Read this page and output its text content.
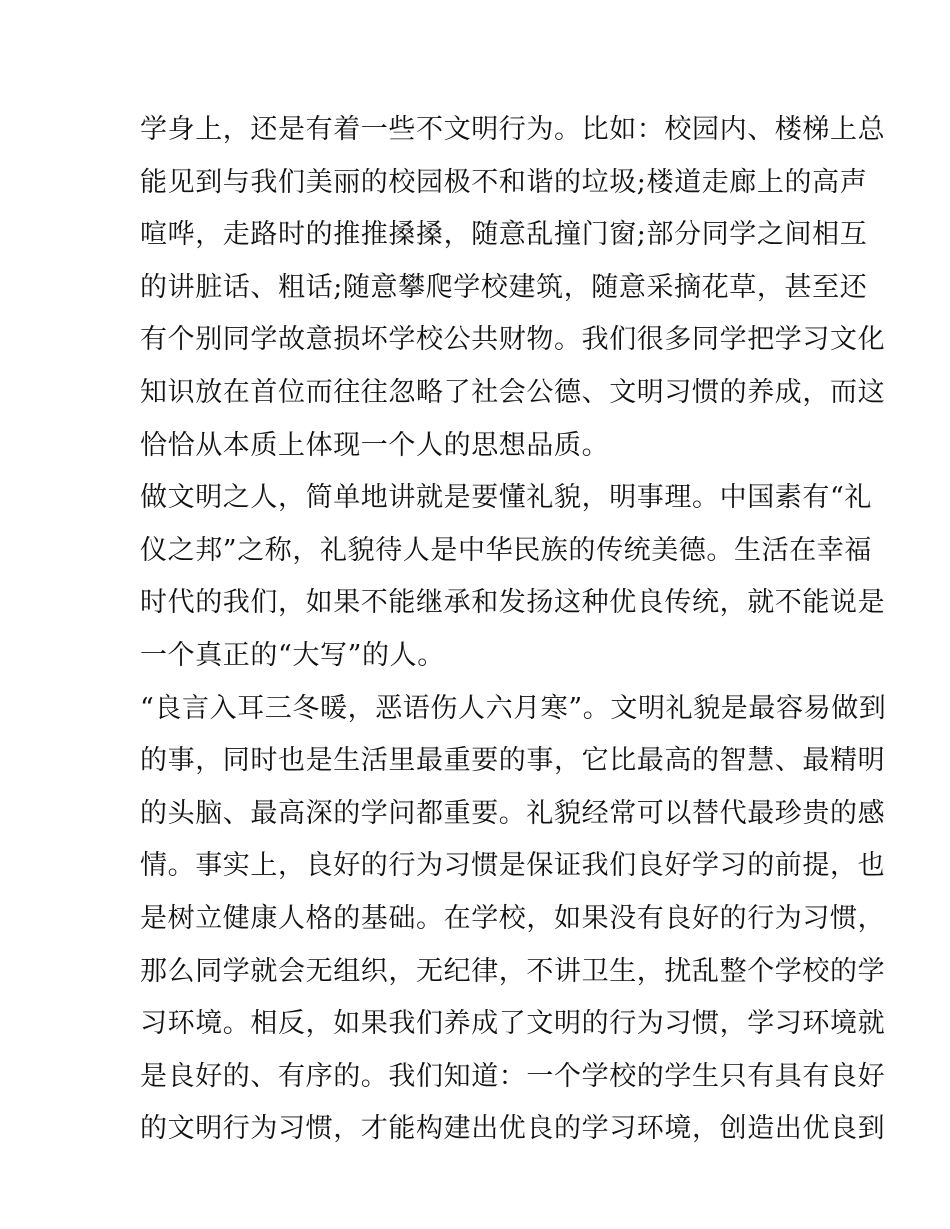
学身上，还是有着一些不文明行为。比如：校园内、楼梯上总
能见到与我们美丽的校园极不和谐的垃圾;楼道走廊上的高声
喧哗，走路时的推推搡搡，随意乱撞门窗;部分同学之间相互
的讲脏话、粗话;随意攀爬学校建筑，随意采摘花草，甚至还
有个别同学故意损坏学校公共财物。我们很多同学把学习文化
知识放在首位而往往忽略了社会公德、文明习惯的养成，而这
恰恰从本质上体现一个人的思想品质。
做文明之人，简单地讲就是要懂礼貌，明事理。中国素有“礼
仪之邦”之称，礼貌待人是中华民族的传统美德。生活在幸福
时代的我们，如果不能继承和发扬这种优良传统，就不能说是
一个真正的“大写”的人。
“良言入耳三冬暖，恶语伤人六月寒”。文明礼貌是最容易做到
的事，同时也是生活里最重要的事，它比最高的智慧、最精明
的头脑、最高深的学问都重要。礼貌经常可以替代最珍贵的感
情。事实上，良好的行为习惯是保证我们良好学习的前提，也
是树立健康人格的基础。在学校，如果没有良好的行为习惯，
那么同学就会无组织，无纪律，不讲卫生，扰乱整个学校的学
习环境。相反，如果我们养成了文明的行为习惯，学习环境就
是良好的、有序的。我们知道：一个学校的学生只有具有良好
的文明行为习惯，才能构建出优良的学习环境，创造出优良到
